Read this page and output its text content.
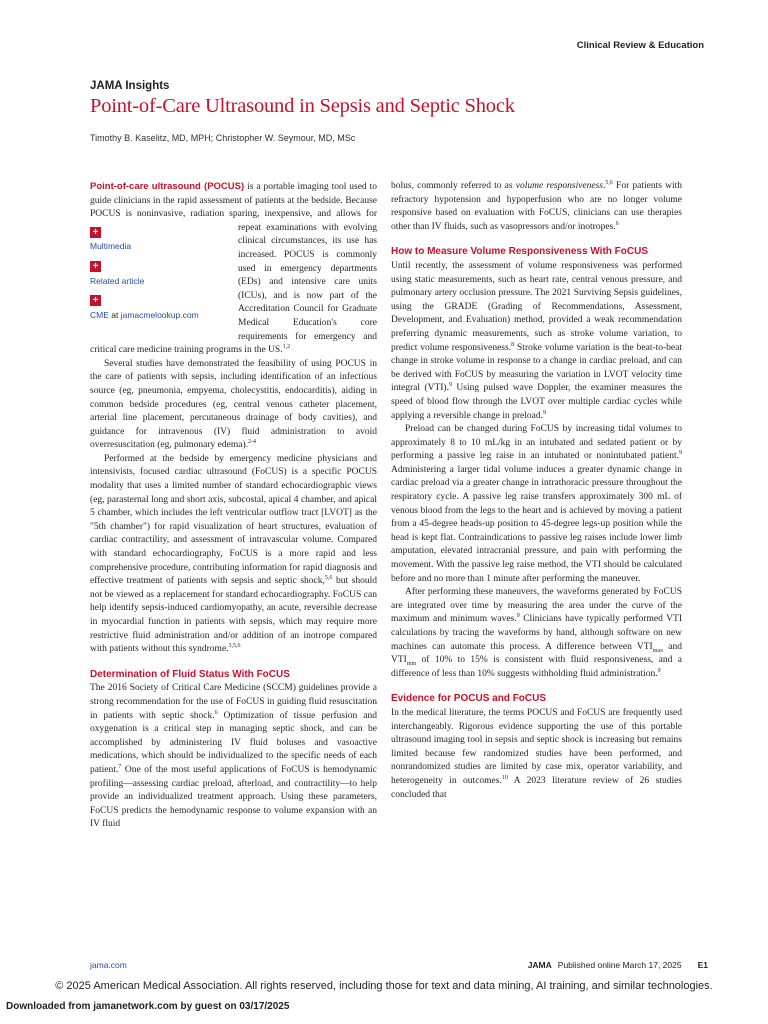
Clinical Review & Education
JAMA Insights
Point-of-Care Ultrasound in Sepsis and Septic Shock
Timothy B. Kaselitz, MD, MPH; Christopher W. Seymour, MD, MSc

Point-of-care ultrasound (POCUS) is a portable imaging tool used to guide clinicians in the rapid assessment of patients at the bedside. Because POCUS is noninvasive, radiation sparing, inexpensive, and allows for repeat examinations with evolving
+
Multimedia
+
Related article
+
CME at jamacmelookup.com
clinical circumstances, its use has increased. POCUS is commonly used in emergency departments (EDs) and intensive care units (ICUs), and is now part of the Accreditation Council for Graduate Medical Education's core requirements for emergency and critical care medicine training programs in the US.$^{1,2}$

Several studies have demonstrated the feasibility of using POCUS in the care of patients with sepsis, including identification of an infectious source (eg, pneumonia, empyema, cholecystitis, endocarditis), aiding in common bedside procedures (eg, central venous catheter placement, arterial line placement, percutaneous drainage of body cavities), and guidance for intravenous (IV) fluid administration to avoid overresuscitation (eg, pulmonary edema).$^{2-4}$

Performed at the bedside by emergency medicine physicians and intensivists, focused cardiac ultrasound (FoCUS) is a specific POCUS modality that uses a limited number of standard echocardiographic views (eg, parasternal long and short axis, subcostal, apical 4 chamber, and apical 5 chamber, which includes the left ventricular outflow tract [LVOT] as the "5th chamber") for rapid visualization of heart structures, evaluation of cardiac contractility, and assessment of intravascular volume. Compared with standard echocardiography, FoCUS is a more rapid and less comprehensive procedure, contributing information for rapid diagnosis and effective treatment of patients with sepsis and septic shock,$^{5,6}$ but should not be viewed as a replacement for standard echocardiography. FoCUS can help identify sepsis-induced cardiomyopathy, an acute, reversible decrease in myocardial function in patients with sepsis, which may require more restrictive fluid administration and/or addition of an inotrope compared with patients without this syndrome.$^{3,5,6}$

Determination of Fluid Status With FoCUS

The 2016 Society of Critical Care Medicine (SCCM) guidelines provide a strong recommendation for the use of FoCUS in guiding fluid resuscitation in patients with septic shock.$^6$ Optimization of tissue perfusion and oxygenation is a critical step in managing septic shock, and can be accomplished by administering IV fluid boluses and vasoactive medications, which should be individualized to the specific needs of each patient.$^7$ One of the most useful applications of FoCUS is hemodynamic profiling—assessing cardiac preload, afterload, and contractility—to help provide an individualized treatment approach. Using these parameters, FoCUS predicts the hemodynamic response to volume expansion with an IV fluid

bolus, commonly referred to as volume responsiveness.$^{5,6}$ For patients with refractory hypotension and hypoperfusion who are no longer volume responsive based on evaluation with FoCUS, clinicians can use therapies other than IV fluids, such as vasopressors and/or inotropes.$^6$

How to Measure Volume Responsiveness With FoCUS

Until recently, the assessment of volume responsiveness was performed using static measurements, such as heart rate, central venous pressure, and pulmonary artery occlusion pressure. The 2021 Surviving Sepsis guidelines, using the GRADE (Grading of Recommendations, Assessment, Development, and Evaluation) method, provided a weak recommendation preferring dynamic measurements, such as stroke volume variation, to predict volume responsiveness.$^8$ Stroke volume variation is the beat-to-beat change in stroke volume in response to a change in cardiac preload, and can be derived with FoCUS by measuring the variation in LVOT velocity time integral (VTI).$^9$ Using pulsed wave Doppler, the examiner measures the speed of blood flow through the LVOT over multiple cardiac cycles while applying a reversible change in preload.$^9$

Preload can be changed during FoCUS by increasing tidal volumes to approximately 8 to 10 mL/kg in an intubated and sedated patient or by performing a passive leg raise in an intubated or nonintubated patient.$^9$ Administering a larger tidal volume induces a greater dynamic change in cardiac preload via a greater change in intrathoracic pressure throughout the respiratory cycle. A passive leg raise transfers approximately 300 mL of venous blood from the legs to the heart and is achieved by moving a patient from a 45-degree heads-up position to 45-degree legs-up position while the head is kept flat. Contraindications to passive leg raises include lower limb amputation, elevated intracranial pressure, and pain with performing the movement. With the passive leg raise method, the VTI should be calculated before and no more than 1 minute after performing the maneuver.

After performing these maneuvers, the waveforms generated by FoCUS are integrated over time by measuring the area under the curve of the maximum and minimum waves.$^9$ Clinicians have typically performed VTI calculations by tracing the waveforms by hand, although software on new machines can automate this process. A difference between $VTI_{max}$ and $VTI_{min}$ of 10% to 15% is consistent with fluid responsiveness, and a difference of less than 10% suggests withholding fluid administration.$^9$

Evidence for POCUS and FoCUS

In the medical literature, the terms POCUS and FoCUS are frequently used interchangeably. Rigorous evidence supporting the use of this portable ultrasound imaging tool in sepsis and septic shock is increasing but remains limited because few randomized studies have been performed, and nonrandomized studies are limited by case mix, operator variability, and heterogeneity in outcomes.$^{10}$ A 2023 literature review of 26 studies concluded that

jama.com	JAMA Published online March 17, 2025 E1
© 2025 American Medical Association. All rights reserved, including those for text and data mining, AI training, and similar technologies.
Downloaded from jamanetwork.com by guest on 03/17/2025
